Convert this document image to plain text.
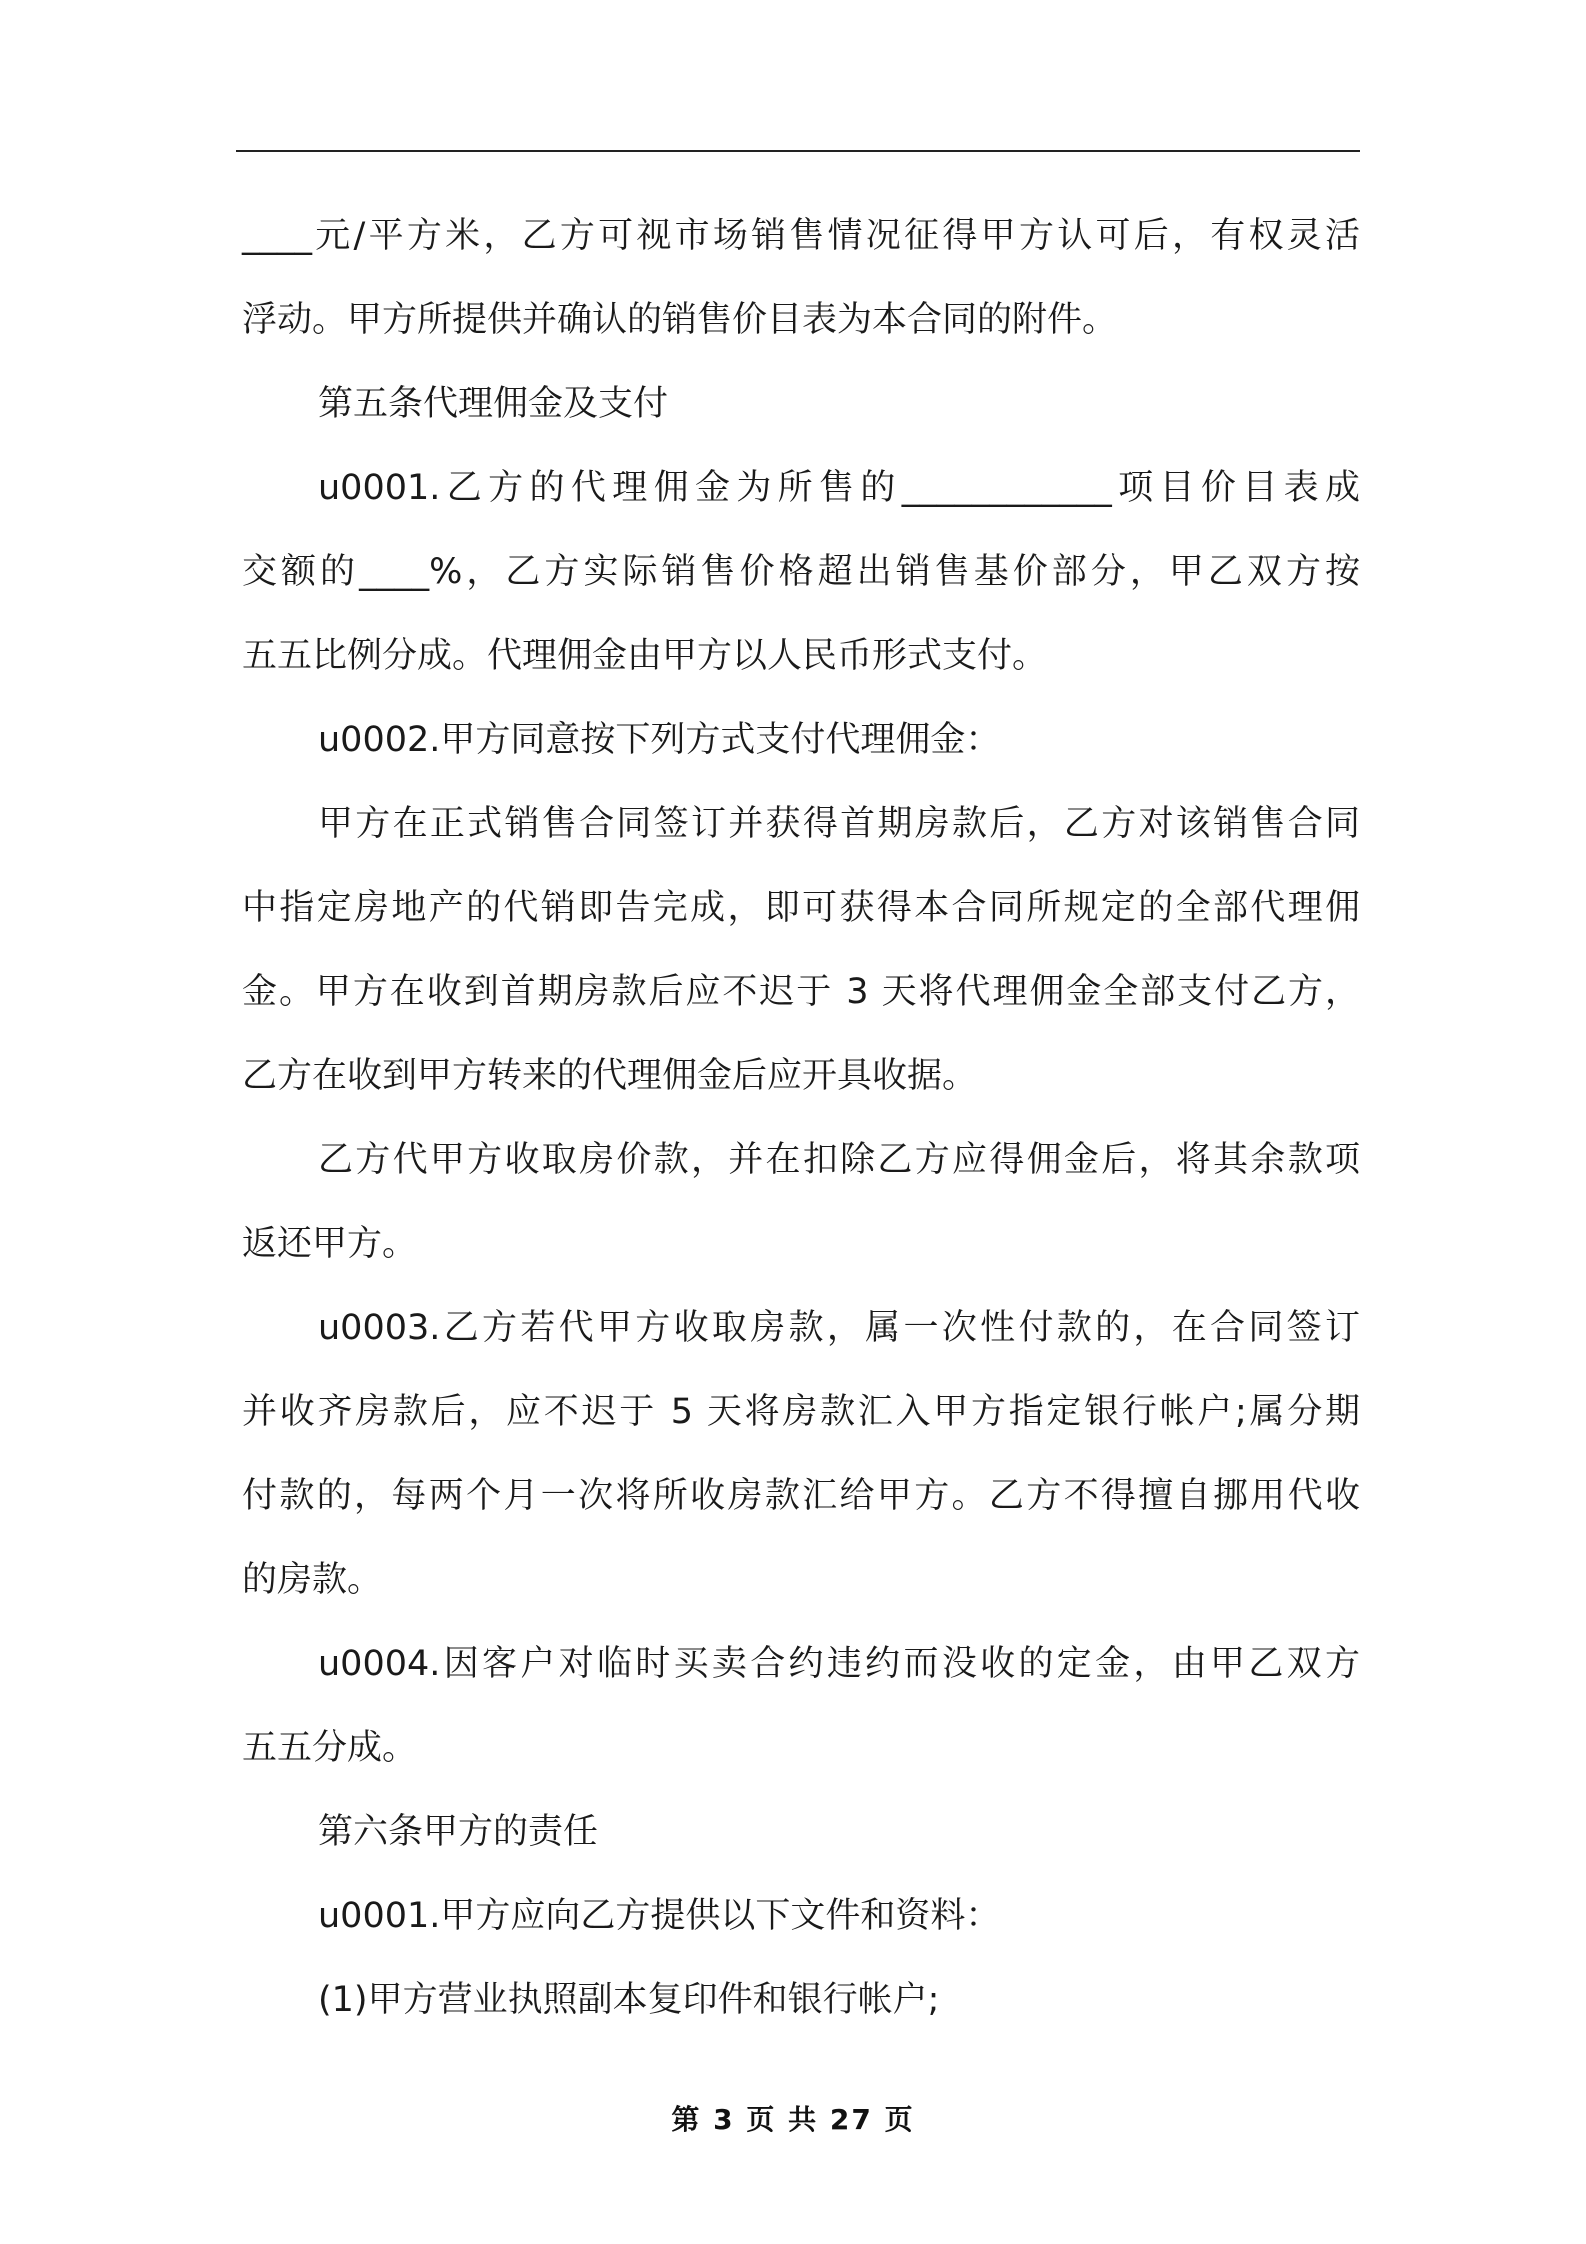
____元/平方米，乙方可视市场销售情况征得甲方认可后，有权灵活
浮动。甲方所提供并确认的销售价目表为本合同的附件。
第五条代理佣金及支付
u0001.乙方的代理佣金为所售的____________项目价目表成
交额的____%，乙方实际销售价格超出销售基价部分，甲乙双方按
五五比例分成。代理佣金由甲方以人民币形式支付。
u0002.甲方同意按下列方式支付代理佣金：
甲方在正式销售合同签订并获得首期房款后，乙方对该销售合同
中指定房地产的代销即告完成，即可获得本合同所规定的全部代理佣
金。甲方在收到首期房款后应不迟于 3 天将代理佣金全部支付乙方，
乙方在收到甲方转来的代理佣金后应开具收据。
乙方代甲方收取房价款，并在扣除乙方应得佣金后，将其余款项
返还甲方。
u0003.乙方若代甲方收取房款，属一次性付款的，在合同签订
并收齐房款后，应不迟于 5 天将房款汇入甲方指定银行帐户;属分期
付款的，每两个月一次将所收房款汇给甲方。乙方不得擅自挪用代收
的房款。
u0004.因客户对临时买卖合约违约而没收的定金，由甲乙双方
五五分成。
第六条甲方的责任
u0001.甲方应向乙方提供以下文件和资料：
(1)甲方营业执照副本复印件和银行帐户;
第 3 页 共 27 页
